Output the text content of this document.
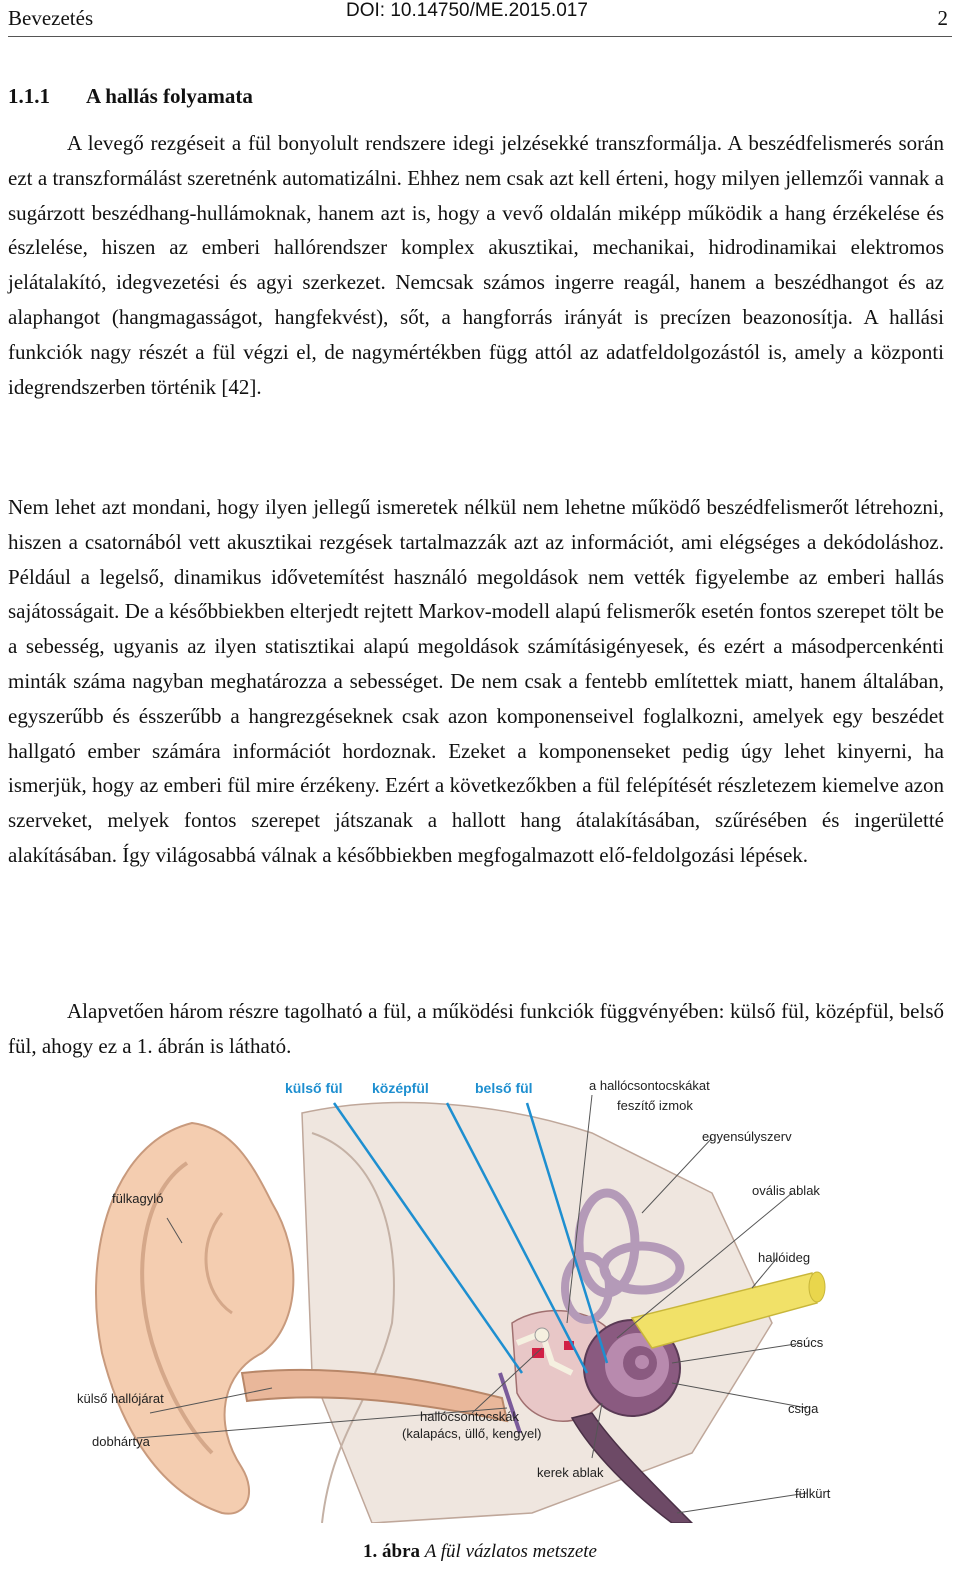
Bevezetés	DOI: 10.14750/ME.2015.017	2
1.1.1 A hallás folyamata

A levegő rezgéseit a fül bonyolult rendszere idegi jelzésekké transzformálja. A beszédfelismerés során ezt a transzformálást szeretnénk automatizálni. Ehhez nem csak azt kell érteni, hogy milyen jellemzői vannak a sugárzott beszédhang-hullámoknak, hanem azt is, hogy a vevő oldalán miképp működik a hang érzékelése és észlelése, hiszen az emberi hallórendszer komplex akusztikai, mechanikai, hidrodinamikai elektromos jelátalakító, idegvezetési és agyi szerkezet. Nemcsak számos ingerre reagál, hanem a beszédhangot és az alaphangot (hangmagasságot, hangfekvést), sőt, a hangforrás irányát is precízen beazonosítja. A hallási funkciók nagy részét a fül végzi el, de nagymértékben függ attól az adatfeldolgozástól is, amely a központi idegrendszerben történik [42].

Nem lehet azt mondani, hogy ilyen jellegű ismeretek nélkül nem lehetne működő beszédfelismerőt létrehozni, hiszen a csatornából vett akusztikai rezgések tartalmazzák azt az információt, ami elégséges a dekódoláshoz. Például a legelső, dinamikus idővetemítést használó megoldások nem vették figyelembe az emberi hallás sajátosságait. De a későbbiekben elterjedt rejtett Markov-modell alapú felismerők esetén fontos szerepet tölt be a sebesség, ugyanis az ilyen statisztikai alapú megoldások számításigényesek, és ezért a másodpercenkénti minták száma nagyban meghatározza a sebességet. De nem csak a fentebb említettek miatt, hanem általában, egyszerűbb és ésszerűbb a hangrezgéseknek csak azon komponenseivel foglalkozni, amelyek egy beszédet hallgató ember számára információt hordoznak. Ezeket a komponenseket pedig úgy lehet kinyerni, ha ismerjük, hogy az emberi fül mire érzékeny. Ezért a következőkben a fül felépítését részletezem kiemelve azon szerveket, melyek fontos szerepet játszanak a hallott hang átalakításában, szűrésében és ingerületté alakításában. Így világosabbá válnak a későbbiekben megfogalmazott elő-feldolgozási lépések.

Alapvetően három részre tagolható a fül, a működési funkciók függvényében: külső fül, középfül, belső fül, ahogy ez a 1. ábrán is látható.

külső fül középfül	belső fül	a hallócsontocskákat
feszítő izmok
egyensúlyszerv
ovális ablak
hallóideg
csúcs
csiga
kerek ablak
fülkürt
hallócsontocskák
(kalapács, üllő, kengyel)
fülkagyló
külső hallójárat
dobhártya
1. ábra A fül vázlatos metszete
